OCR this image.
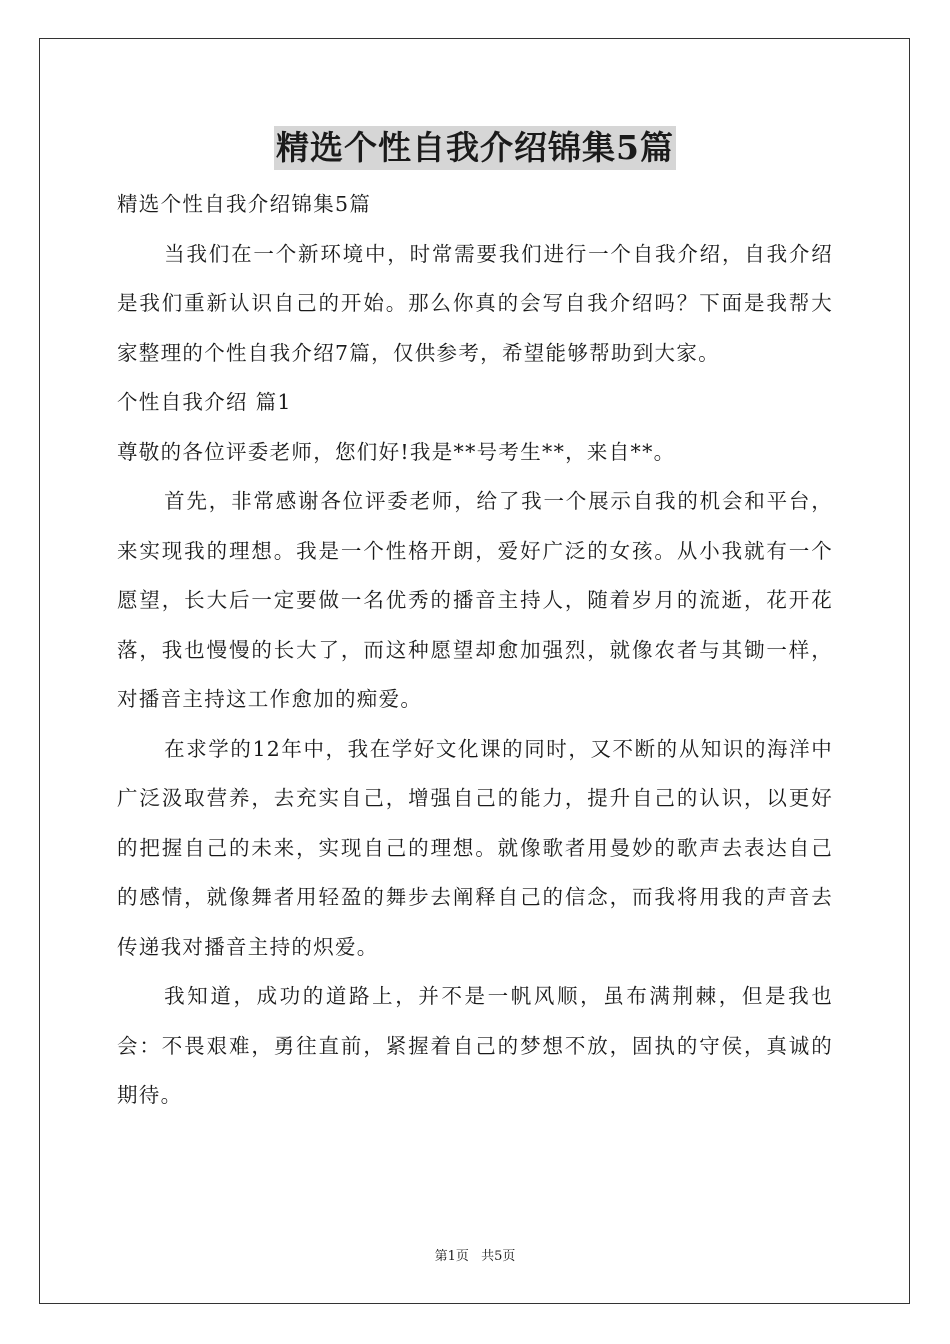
精选个性自我介绍锦集5篇

精选个性自我介绍锦集5篇

当我们在一个新环境中，时常需要我们进行一个自我介绍，自我介绍是我们重新认识自己的开始。那么你真的会写自我介绍吗？下面是我帮大家整理的个性自我介绍7篇，仅供参考，希望能够帮助到大家。

个性自我介绍 篇1

尊敬的各位评委老师，您们好!我是**号考生**，来自**。

首先，非常感谢各位评委老师，给了我一个展示自我的机会和平台，来实现我的理想。我是一个性格开朗，爱好广泛的女孩。从小我就有一个愿望，长大后一定要做一名优秀的播音主持人，随着岁月的流逝，花开花落，我也慢慢的长大了，而这种愿望却愈加强烈，就像农者与其锄一样，对播音主持这工作愈加的痴爱。

在求学的12年中，我在学好文化课的同时，又不断的从知识的海洋中广泛汲取营养，去充实自己，增强自己的能力，提升自己的认识，以更好的把握自己的未来，实现自己的理想。就像歌者用曼妙的歌声去表达自己的感情，就像舞者用轻盈的舞步去阐释自己的信念，而我将用我的声音去传递我对播音主持的炽爱。

我知道，成功的道路上，并不是一帆风顺，虽布满荆棘，但是我也会：不畏艰难，勇往直前，紧握着自己的梦想不放，固执的守侯，真诚的期待。

第1页 共5页
